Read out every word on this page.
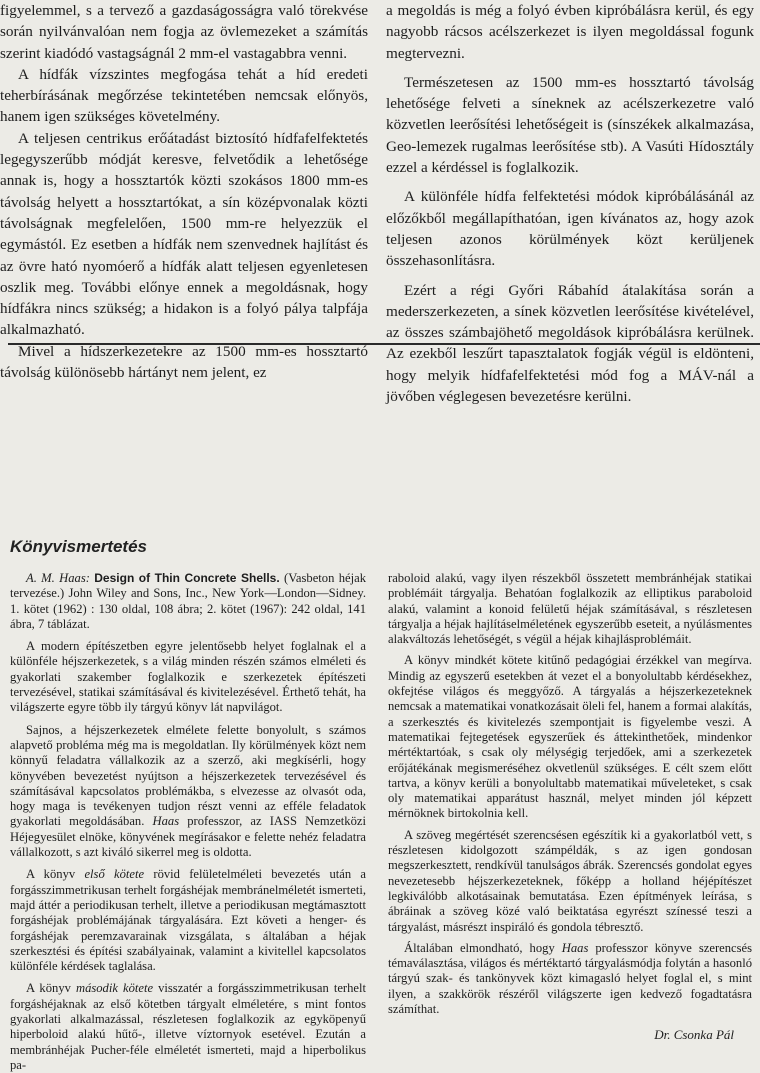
figyelemmel, s a tervező a gazdaságosságra való törekvése során nyilvánvalóan nem fogja az övlemezeket a számítás szerint kiadódó vastagságnál 2 mm-el vastagabbra venni.

A hídfák vízszintes megfogása tehát a híd eredeti teherbírásának megőrzése tekintetében nemcsak előnyös, hanem igen szükséges követelmény.

A teljesen centrikus erőátadást biztosító hídfafelfektetés legegyszerűbb módját keresve, felvetődik a lehetősége annak is, hogy a hossztartók közti szokásos 1800 mm-es távolság helyett a hossztartókat, a sín középvonalak közti távolságnak megfelelően, 1500 mm-re helyezzük el egymástól. Ez esetben a hídfák nem szenvednek hajlítást és az övre ható nyomóerő a hídfák alatt teljesen egyenletesen oszlik meg. További előnye ennek a megoldásnak, hogy hídfákra nincs szükség; a hidakon is a folyó pálya talpfája alkalmazható.

Mivel a hídszerkezetekre az 1500 mm-es hossztartó távolság különösebb hártányt nem jelent, ez

a megoldás is még a folyó évben kipróbálásra kerül, és egy nagyobb rácsos acélszerkezet is ilyen megoldással fogunk megtervezni.

Természetesen az 1500 mm-es hossztartó távolság lehetősége felveti a síneknek az acélszerkezetre való közvetlen leerősítési lehetőségeit is (sínszékek alkalmazása, Geo-lemezek rugalmas leerősítése stb). A Vasúti Hídosztály ezzel a kérdéssel is foglalkozik.

A különféle hídfa felfektetési módok kipróbálásánál az előzőkből megállapíthatóan, igen kívánatos az, hogy azok teljesen azonos körülmények közt kerüljenek összehasonlításra.

Ezért a régi Győri Rábahíd átalakítása során a mederszerkezeten, a sínek közvetlen leerősítése kivételével, az összes számbajöhető megoldások kipróbálásra kerülnek. Az ezekből leszűrt tapasztalatok fogják végül is eldönteni, hogy melyik hídfafelfektetési mód fog a MÁV-nál a jövőben véglegesen bevezetésre kerülni.

Könyvismertetés

A. M. Haas: Design of Thin Concrete Shells. (Vasbeton héjak tervezése.) John Wiley and Sons, Inc., New York—London—Sidney. 1. kötet (1962) : 130 oldal, 108 ábra; 2. kötet (1967): 242 oldal, 141 ábra, 7 táblázat.

A modern építészetben egyre jelentősebb helyet foglalnak el a különféle héjszerkezetek, s a világ minden részén számos elméleti és gyakorlati szakember foglalkozik e szerkezetek építészeti tervezésével, statikai számításával és kivitelezésével. Érthető tehát, ha világszerte egyre több ily tárgyú könyv lát napvilágot.

Sajnos, a héjszerkezetek elmélete felette bonyolult, s számos alapvető probléma még ma is megoldatlan. Ily körülmények közt nem könnyű feladatra vállalkozik az a szerző, aki megkísérli, hogy könyvében bevezetést nyújtson a héjszerkezetek tervezésével és számításával kapcsolatos problémákba, s elvezesse az olvasót oda, hogy maga is tevékenyen tudjon részt venni az efféle feladatok gyakorlati megoldásában. Haas professzor, az IASS Nemzetközi Héjegyesület elnöke, könyvének megírásakor e felette nehéz feladatra vállalkozott, s azt kiváló sikerrel meg is oldotta.

A könyv első kötete rövid felületelméleti bevezetés után a forgásszimmetrikusan terhelt forgáshéjak membránelméletét ismerteti, majd áttér a periodikusan terhelt, illetve a periodikusan megtámasztott forgáshéjak problémájának tárgyalására. Ezt követi a henger- és forgáshéjak peremzavarainak vizsgálata, s általában a héjak szerkesztési és építési szabályainak, valamint a kivitellel kapcsolatos különféle kérdések taglalása.

A könyv második kötete visszatér a forgásszimmetrikusan terhelt forgáshéjaknak az első kötetben tárgyalt elméletére, s mint fontos gyakorlati alkalmazással, részletesen foglalkozik az egyköpenyű hiperboloid alakú hűtő-, illetve víztornyok esetével. Ezután a membránhéjak Pucher-féle elméletét ismerteti, majd a hiperbolikus pa-

raboloid alakú, vagy ilyen részekből összetett membránhéjak statikai problémáit tárgyalja. Behatóan foglalkozik az elliptikus paraboloid alakú, valamint a konoid felületű héjak számításával, s részletesen tárgyalja a héjak hajlításelméletének egyszerűbb eseteit, a nyúlásmentes alakváltozás lehetőségét, s végül a héjak kihajlásproblémáit.

A könyv mindkét kötete kitűnő pedagógiai érzékkel van megírva. Mindig az egyszerű esetekben át vezet el a bonyolultabb kérdésekhez, okfejtése világos és meggyőző. A tárgyalás a héjszerkezeteknek nemcsak a matematikai vonatkozásait öleli fel, hanem a formai alakítás, a szerkesztés és kivitelezés szempontjait is figyelembe veszi. A matematikai fejtegetések egyszerűek és áttekinthetőek, mindenkor mértéktartóak, s csak oly mélységig terjedőek, ami a szerkezetek erőjátékának megismeréséhez okvetlenül szükséges. E célt szem előtt tartva, a könyv kerüli a bonyolultabb matematikai műveleteket, s csak oly matematikai apparátust használ, melyet minden jól képzett mérnöknek birtokolnia kell.

A szöveg megértését szerencsésen egészítik ki a gyakorlatból vett, s részletesen kidolgozott számpéldák, s az igen gondosan megszerkesztett, rendkívül tanulságos ábrák. Szerencsés gondolat egyes nevezetesebb héjszerkezeteknek, főképp a holland héjépítészet legkiválóbb alkotásainak bemutatása. Ezen építmények leírása, s ábráinak a szöveg közé való beiktatása egyrészt színessé teszi a tárgyalást, másrészt inspiráló és gondola tébresztő.

Általában elmondható, hogy Haas professzor könyve szerencsés témaválasztása, világos és mértéktartó tárgyalásmódja folytán a hasonló tárgyú szak- és tankönyvek közt kimagasló helyet foglal el, s mint ilyen, a szakkörök részéről világszerte igen kedvező fogadtatásra számíthat.

Dr. Csonka Pál
